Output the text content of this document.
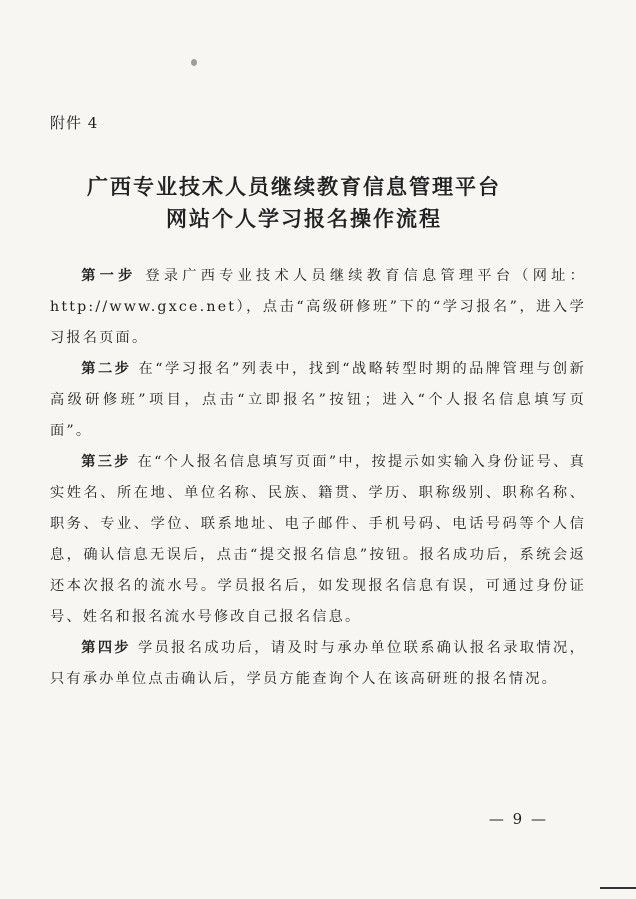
附件 4
广西专业技术人员继续教育信息管理平台
网站个人学习报名操作流程

第一步 登录广西专业技术人员继续教育信息管理平台（网址：http://www.gxce.net），点击“高级研修班”下的“学习报名”，进入学习报名页面。

第二步 在“学习报名”列表中，找到“战略转型时期的品牌管理与创新高级研修班”项目，点击“立即报名”按钮；进入“个人报名信息填写页面”。

第三步 在“个人报名信息填写页面”中，按提示如实输入身份证号、真实姓名、所在地、单位名称、民族、籍贯、学历、职称级别、职称名称、职务、专业、学位、联系地址、电子邮件、手机号码、电话号码等个人信息，确认信息无误后，点击“提交报名信息”按钮。报名成功后，系统会返还本次报名的流水号。学员报名后，如发现报名信息有误，可通过身份证号、姓名和报名流水号修改自己报名信息。

第四步 学员报名成功后，请及时与承办单位联系确认报名录取情况，只有承办单位点击确认后，学员方能查询个人在该高研班的报名情况。

— 9 —
